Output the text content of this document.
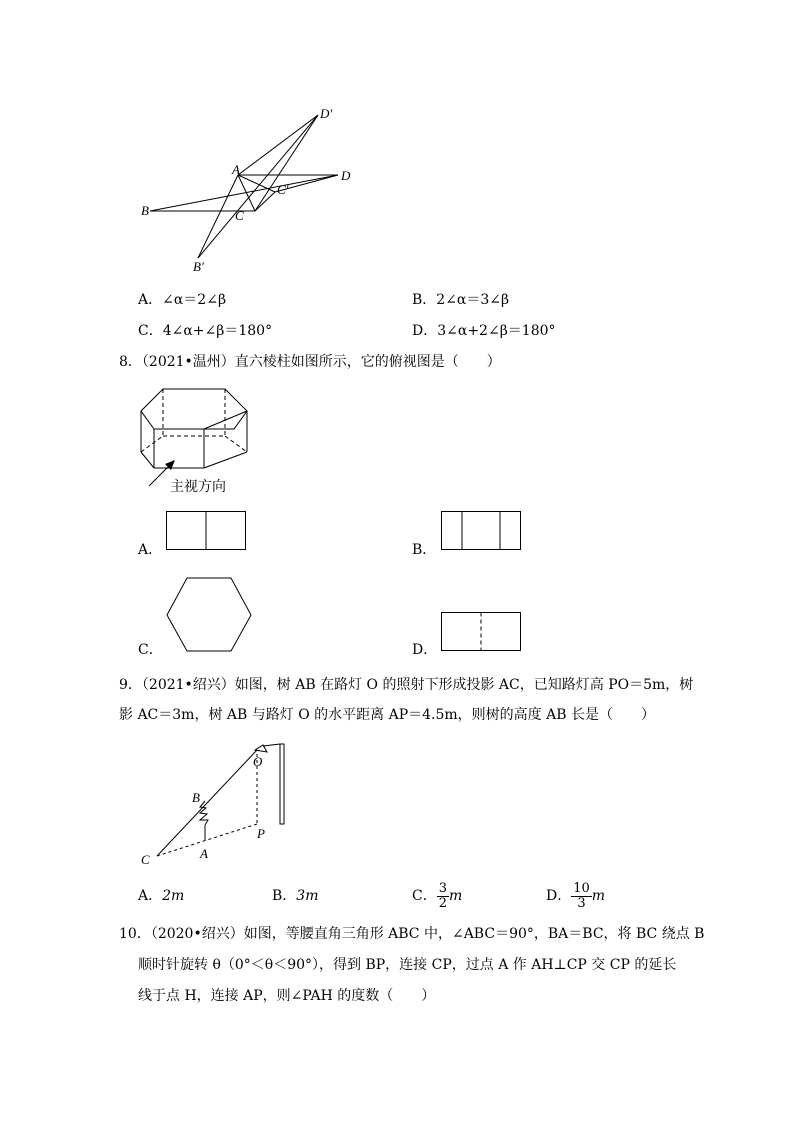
D′
A	D
C′
B	C
B′
A．∠α＝2∠β	B．2∠α＝3∠β
C．4∠α+∠β＝180°	D．3∠α+2∠β＝180°
8．（2021•温州）直六棱柱如图所示，它的俯视图是（　　）
主视方向
A．	B．
C．	D．
9．（2021•绍兴）如图，树 AB 在路灯 O 的照射下形成投影 AC，已知路灯高 PO＝5m，树
影 AC＝3m，树 AB 与路灯 O 的水平距离 AP＝4.5m，则树的高度 AB 长是（　　）
O
B
P
C	A
A．2m	B．3m	C． $\frac{3}{2}$ m	D． $\frac{10}{3}$ m
10．（2020•绍兴）如图，等腰直角三角形 ABC 中，∠ABC＝90°，BA＝BC，将 BC 绕点 B
顺时针旋转 θ（0°＜θ＜90°），得到 BP，连接 CP，过点 A 作 AH⊥CP 交 CP 的延长
线于点 H，连接 AP，则∠PAH 的度数（　　）
